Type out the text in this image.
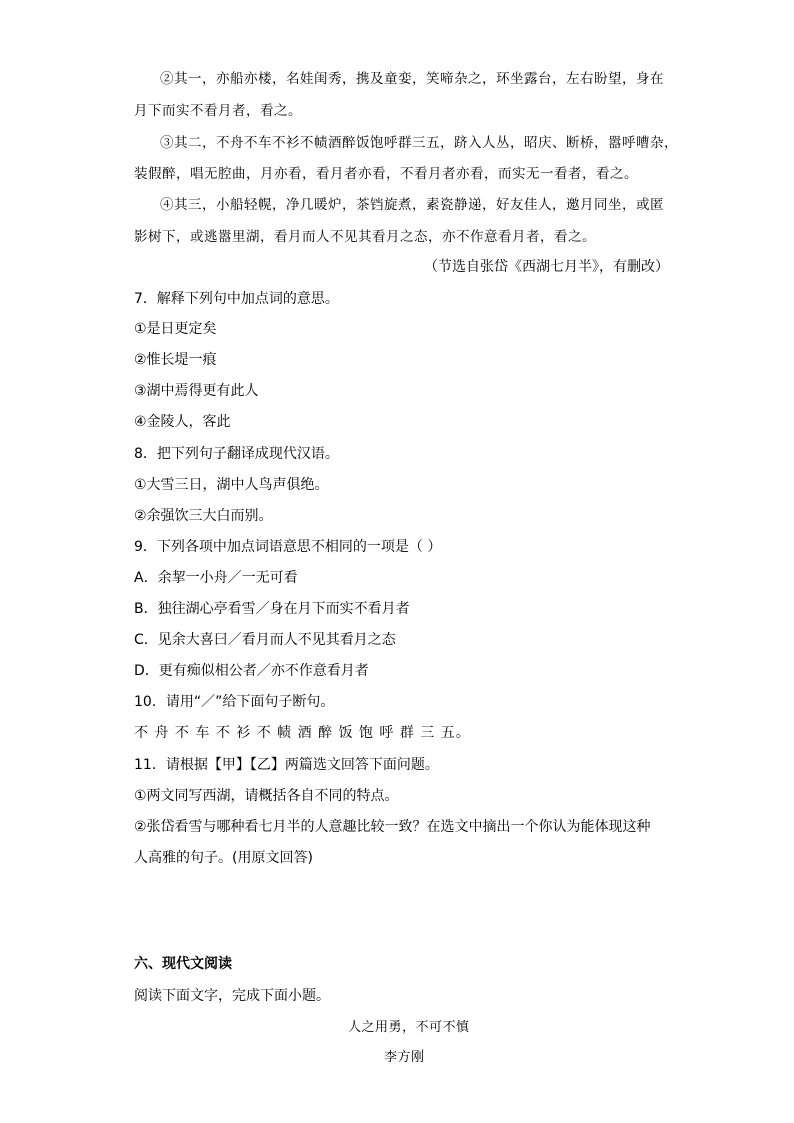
②其一，亦船亦楼，名娃闺秀，携及童娈，笑啼杂之，环坐露台，左右盼望，身在
月下而实不看月者，看之。
③其二，不舟不车不衫不帻酒醉饭饱呼群三五，跻入人丛，昭庆、断桥，嚣呼嘈杂，
装假醉，唱无腔曲，月亦看，看月者亦看，不看月者亦看，而实无一看者，看之。
④其三，小船轻幌，净几暖炉，茶铛旋煮，素瓷静递，好友佳人，邀月同坐，或匿
影树下，或逃嚣里湖，看月而人不见其看月之态，亦不作意看月者，看之。
（节选自张岱《西湖七月半》，有删改）
7．解释下列句中加点词的意思。
①是日更定矣
②惟长堤一痕
③湖中焉得更有此人
④金陵人，客此
8．把下列句子翻译成现代汉语。
①大雪三日，湖中人鸟声俱绝。
②余强饮三大白而别。
9．下列各项中加点词语意思不相同的一项是（ ）
A．余挈一小舟／一无可看
B．独往湖心亭看雪／身在月下而实不看月者
C．见余大喜曰／看月而人不见其看月之态
D．更有痴似相公者／亦不作意看月者
10．请用“／”给下面句子断句。
不 舟 不 车 不 衫 不 帻 酒 醉 饭 饱 呼 群 三 五。
11．请根据【甲】【乙】两篇选文回答下面问题。
①两文同写西湖，请概括各自不同的特点。
②张岱看雪与哪种看七月半的人意趣比较一致？在选文中摘出一个你认为能体现这种
人高雅的句子。(用原文回答)
六、现代文阅读
阅读下面文字，完成下面小题。
人之用勇，不可不慎
李方刚
